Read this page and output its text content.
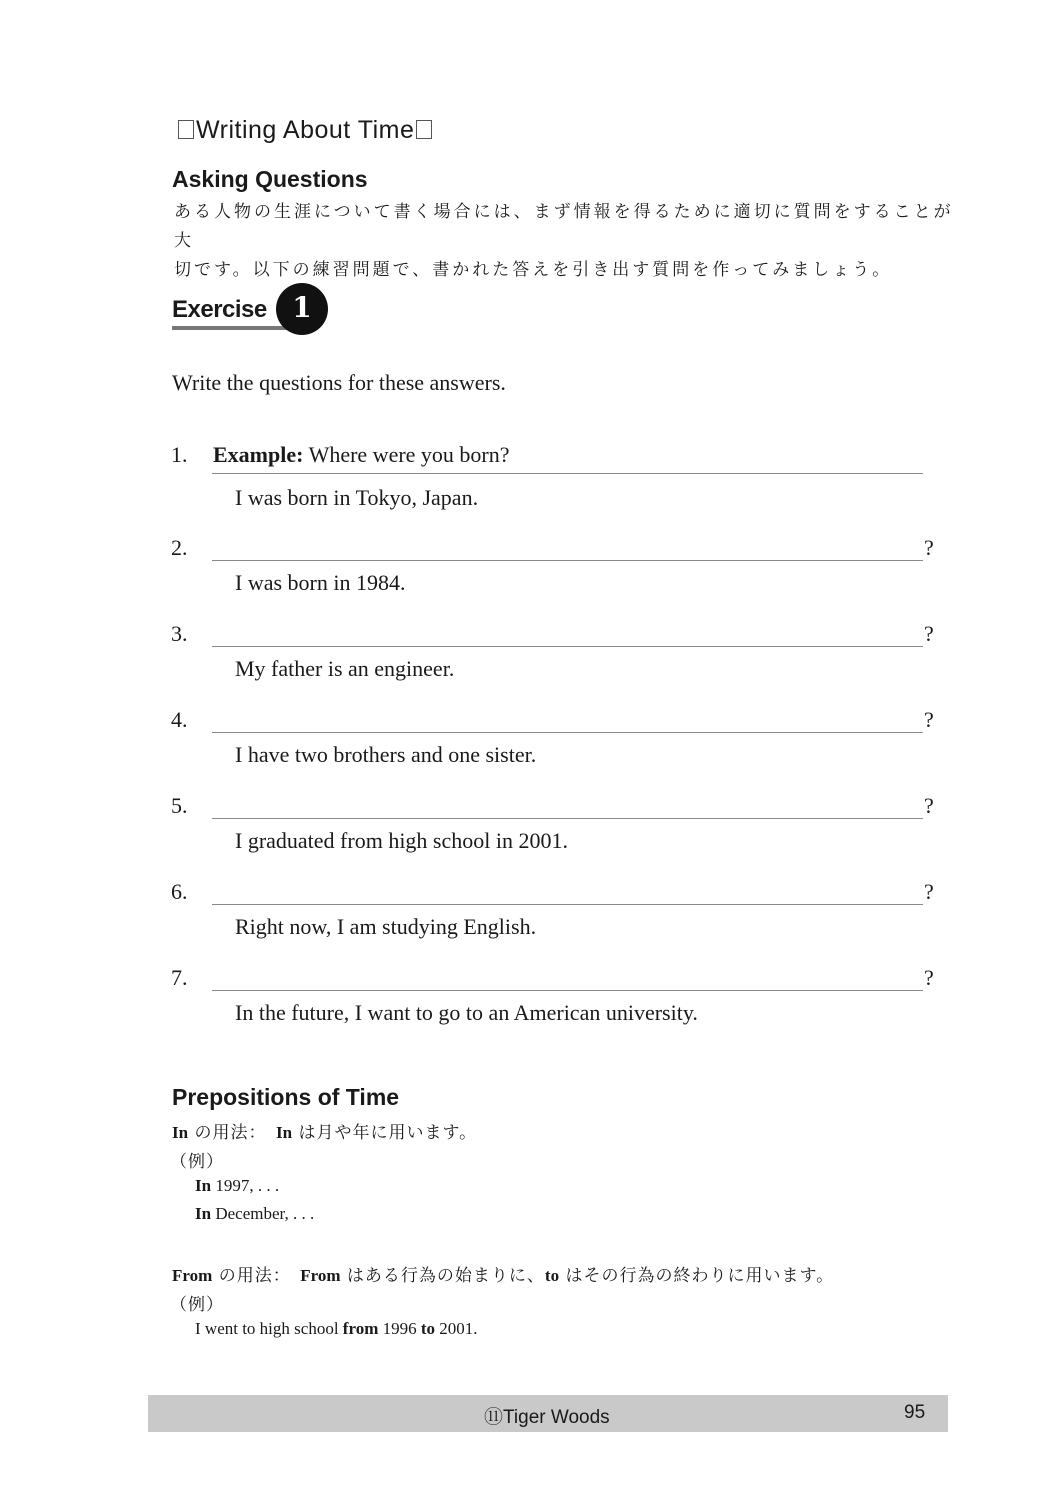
Writing About Time
Asking Questions
ある人物の生涯について書く場合には、まず情報を得るために適切に質問をすることが大
切です。以下の練習問題で、書かれた答えを引き出す質問を作ってみましょう。
Exercise 1
Write the questions for these answers.
1. Example: Where were you born?
I was born in Tokyo, Japan.
2.	?
I was born in 1984.
3.	?
My father is an engineer.
4.	?
I have two brothers and one sister.
5.	?
I graduated from high school in 2001.
6.	?
Right now, I am studying English.
7.	?
In the future, I want to go to an American university.
Prepositions of Time
In の用法：　In は月や年に用います。
（例）
In 1997, . . .
In December, . . .
From の用法：　From はある行為の始まりに、to はその行為の終わりに用います。
（例）
I went to high school from 1996 to 2001.
⑪Tiger Woods	95
